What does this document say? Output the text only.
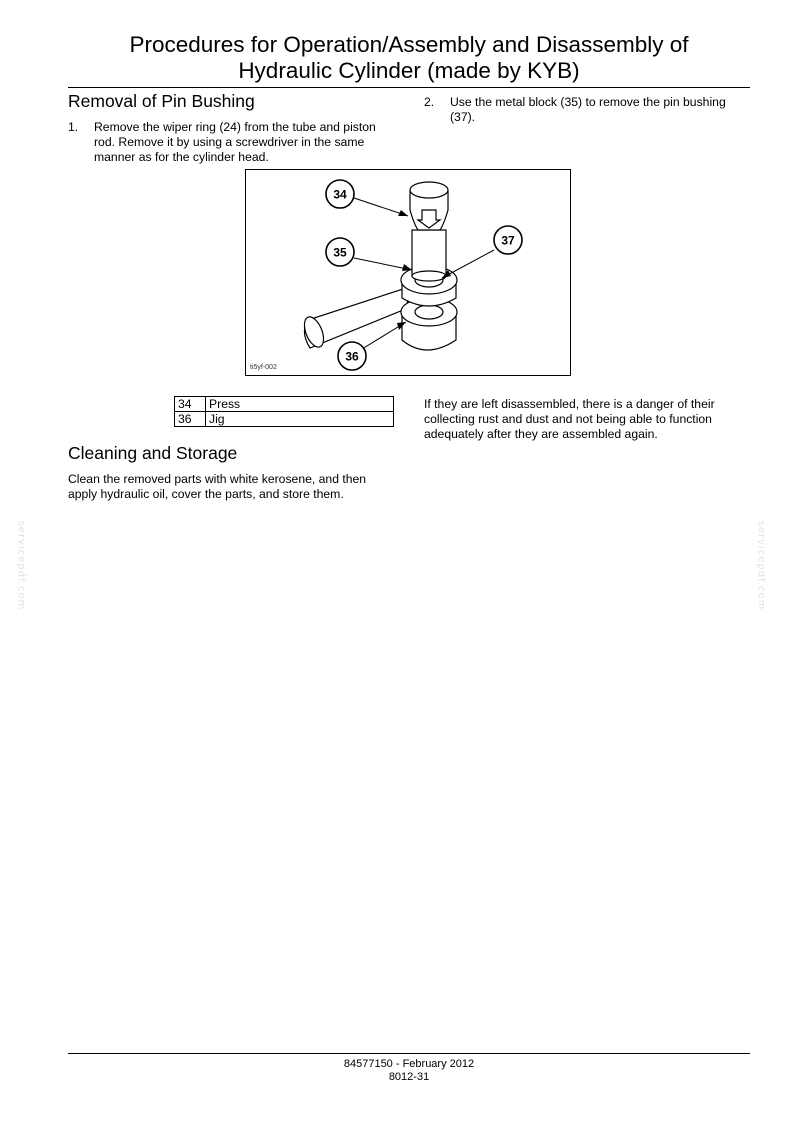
Procedures for Operation/Assembly and Disassembly of
Hydraulic Cylinder (made by KYB)
Removal of Pin Bushing
1. Remove the wiper ring (24) from the tube and piston
rod. Remove it by using a screwdriver in the same
manner as for the cylinder head.
2. Use the metal block (35) to remove the pin bushing
(37).
34
35
37
36
ti5yf-002
34	Press
36	Jig
If they are left disassembled, there is a danger of their
collecting rust and dust and not being able to function
adequately after they are assembled again.
Cleaning and Storage
Clean the removed parts with white kerosene, and then
apply hydraulic oil, cover the parts, and store them.
servicepdf.com	servicepdf.com
84577150 - February 2012
8012-31
